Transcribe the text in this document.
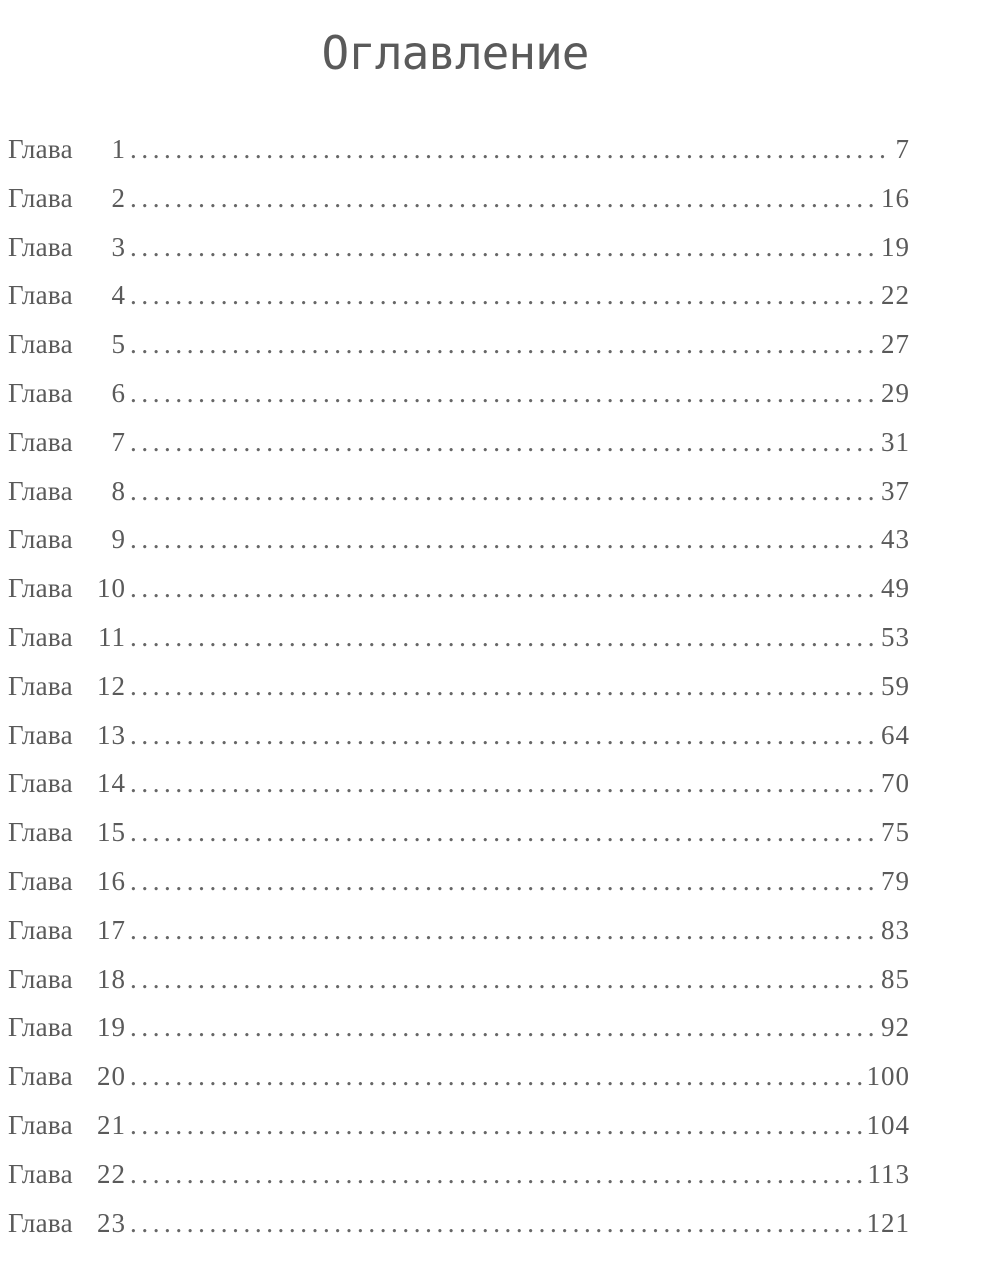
Оглавление
Глава	1 .....	7
Глава	2 .....	16
Глава	3 .....	19
Глава	4 .....	22
Глава	5 .....	27
Глава	6 .....	29
Глава	7 .....	31
Глава	8 .....	37
Глава	9 .....	43
Глава 10 .....	49
Глава 11 .....	53
Глава 12 .....	59
Глава 13 .....	64
Глава 14 .....	70
Глава 15 .....	75
Глава 16 .....	79
Глава 17 .....	83
Глава 18 .....	85
Глава 19 .....	92
Глава 20 .....	100
Глава 21 .....	104
Глава 22 .....	113
Глава 23 .....	121
